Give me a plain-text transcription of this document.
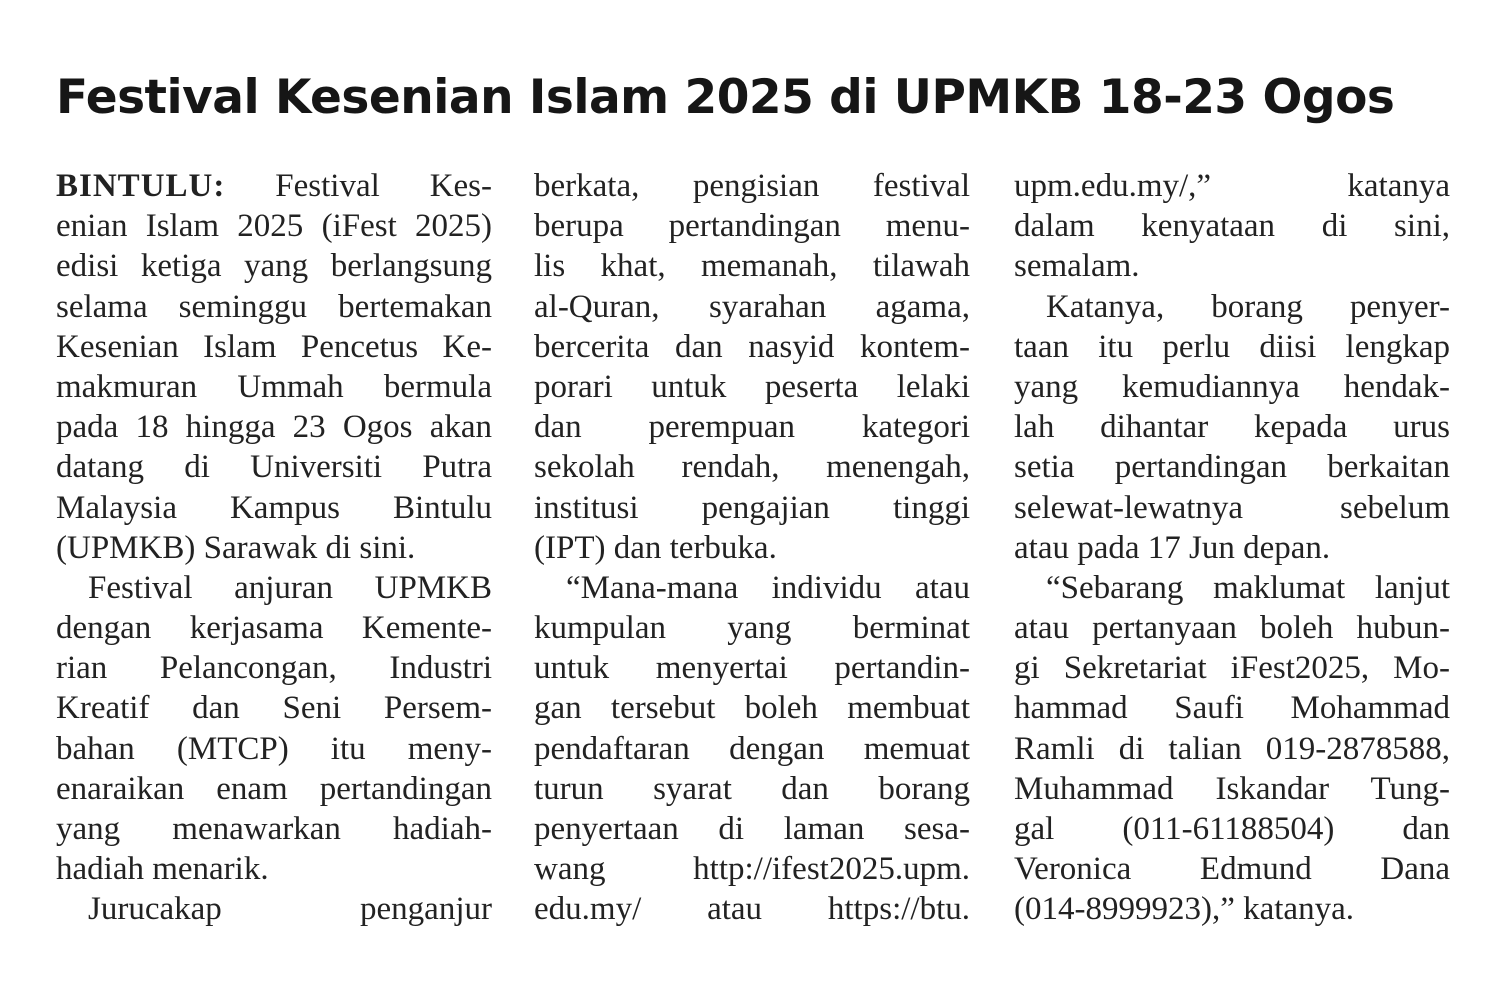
Festival Kesenian Islam 2025 di UPMKB 18-23 Ogos
BINTULU: Festival Kes-
enian Islam 2025 (iFest 2025)
edisi ketiga yang berlangsung
selama seminggu bertemakan
Kesenian Islam Pencetus Ke-
makmuran Ummah bermula
pada 18 hingga 23 Ogos akan
datang di Universiti Putra
Malaysia Kampus Bintulu
(UPMKB) Sarawak di sini.
Festival anjuran UPMKB
dengan kerjasama Kemente-
rian Pelancongan, Industri
Kreatif dan Seni Persem-
bahan (MTCP) itu meny-
enaraikan enam pertandingan
yang menawarkan hadiah-
hadiah menarik.
Jurucakap penganjur
berkata, pengisian festival
berupa pertandingan menu-
lis khat, memanah, tilawah
al-Quran, syarahan agama,
bercerita dan nasyid kontem-
porari untuk peserta lelaki
dan perempuan kategori
sekolah rendah, menengah,
institusi pengajian tinggi
(IPT) dan terbuka.
“Mana-mana individu atau
kumpulan yang berminat
untuk menyertai pertandin-
gan tersebut boleh membuat
pendaftaran dengan memuat
turun syarat dan borang
penyertaan di laman sesa-
wang http://ifest2025.upm.
edu.my/ atau https://btu.
upm.edu.my/,” katanya
dalam kenyataan di sini,
semalam.
Katanya, borang penyer-
taan itu perlu diisi lengkap
yang kemudiannya hendak-
lah dihantar kepada urus
setia pertandingan berkaitan
selewat-lewatnya sebelum
atau pada 17 Jun depan.
“Sebarang maklumat lanjut
atau pertanyaan boleh hubun-
gi Sekretariat iFest2025, Mo-
hammad Saufi Mohammad
Ramli di talian 019-2878588,
Muhammad Iskandar Tung-
gal (011-61188504) dan
Veronica Edmund Dana
(014-8999923),” katanya.
